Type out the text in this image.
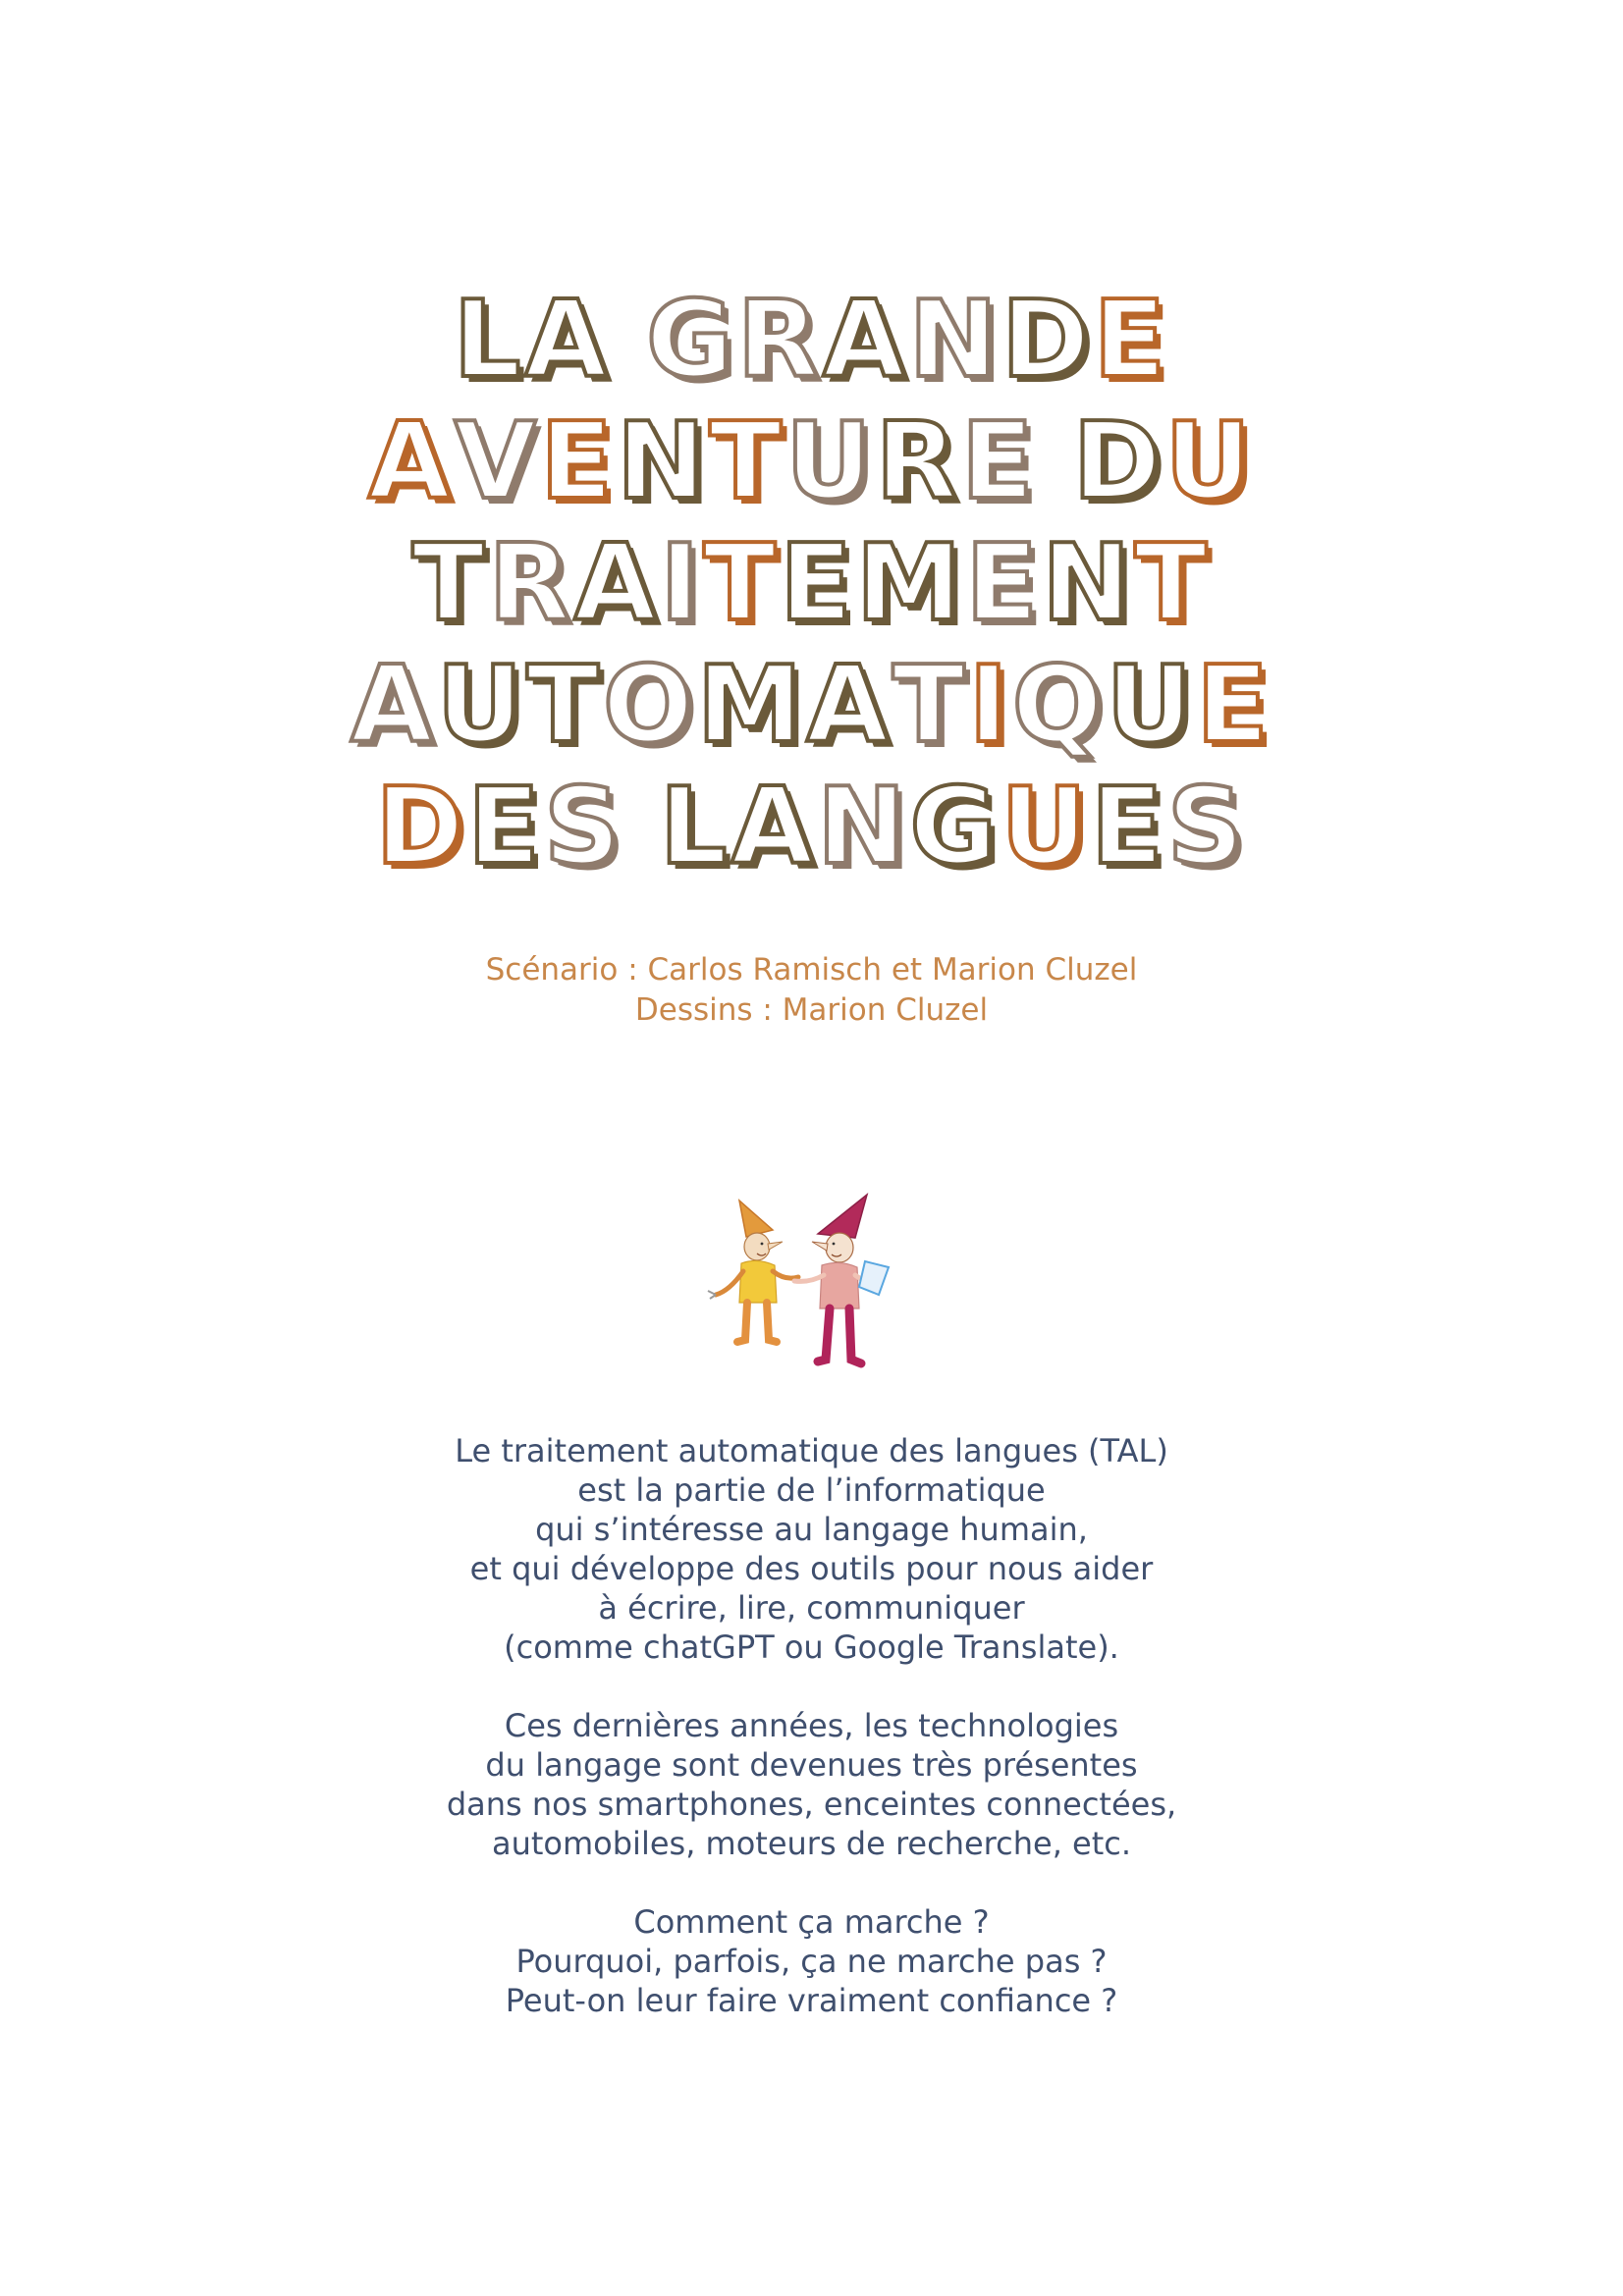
LA GRANDE
AVENTURE DU
TRAITEMENT
AUTOMATIQUE
DES LANGUES
Scénario : Carlos Ramisch et Marion Cluzel
Dessins : Marion Cluzel
Le traitement automatique des langues (TAL)
est la partie de l’informatique
qui s’intéresse au langage humain,
et qui développe des outils pour nous aider
à écrire, lire, communiquer
(comme chatGPT ou Google Translate).
Ces dernières années, les technologies
du langage sont devenues très présentes
dans nos smartphones, enceintes connectées,
automobiles, moteurs de recherche, etc.
Comment ça marche ?
Pourquoi, parfois, ça ne marche pas ?
Peut-on leur faire vraiment confiance ?
